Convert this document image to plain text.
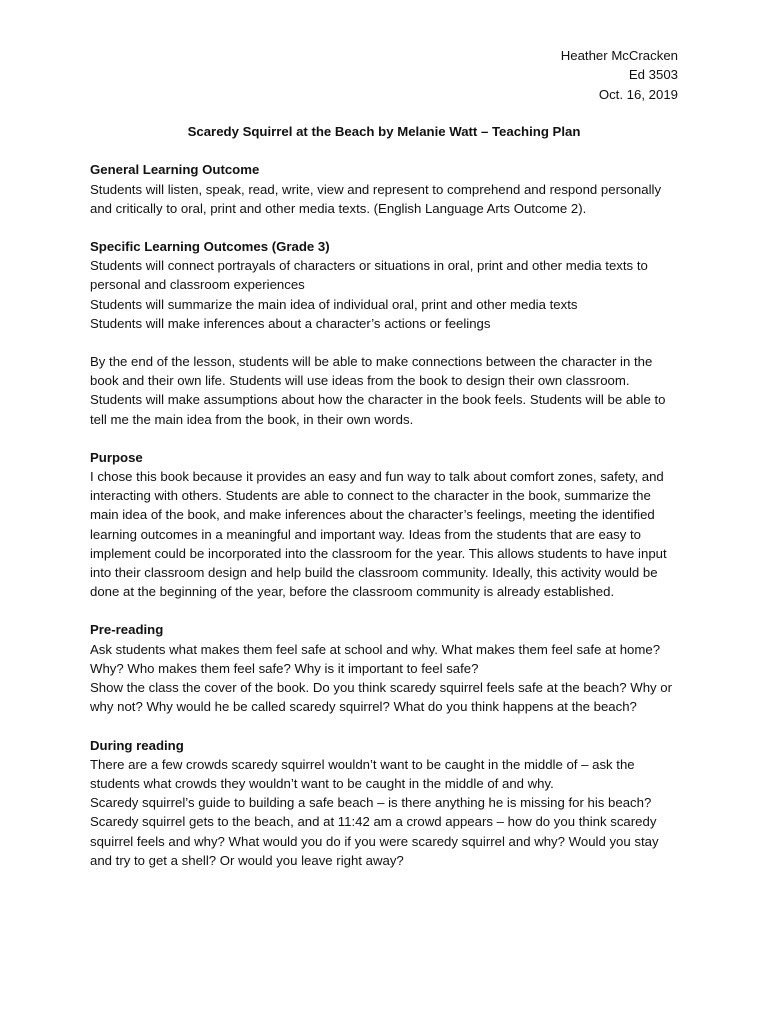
Heather McCracken
Ed 3503
Oct. 16, 2019
Scaredy Squirrel at the Beach by Melanie Watt – Teaching Plan
General Learning Outcome

Students will listen, speak, read, write, view and represent to comprehend and respond personally and critically to oral, print and other media texts. (English Language Arts Outcome 2).

Specific Learning Outcomes (Grade 3)

Students will connect portrayals of characters or situations in oral, print and other media texts to personal and classroom experiences

Students will summarize the main idea of individual oral, print and other media texts

Students will make inferences about a character’s actions or feelings

By the end of the lesson, students will be able to make connections between the character in the book and their own life. Students will use ideas from the book to design their own classroom. Students will make assumptions about how the character in the book feels. Students will be able to tell me the main idea from the book, in their own words.

Purpose

I chose this book because it provides an easy and fun way to talk about comfort zones, safety, and interacting with others. Students are able to connect to the character in the book, summarize the main idea of the book, and make inferences about the character’s feelings, meeting the identified learning outcomes in a meaningful and important way. Ideas from the students that are easy to implement could be incorporated into the classroom for the year. This allows students to have input into their classroom design and help build the classroom community. Ideally, this activity would be done at the beginning of the year, before the classroom community is already established.

Pre-reading

Ask students what makes them feel safe at school and why. What makes them feel safe at home? Why? Who makes them feel safe? Why is it important to feel safe?

Show the class the cover of the book. Do you think scaredy squirrel feels safe at the beach? Why or why not? Why would he be called scaredy squirrel? What do you think happens at the beach?

During reading

There are a few crowds scaredy squirrel wouldn’t want to be caught in the middle of – ask the students what crowds they wouldn’t want to be caught in the middle of and why.

Scaredy squirrel’s guide to building a safe beach – is there anything he is missing for his beach?

Scaredy squirrel gets to the beach, and at 11:42 am a crowd appears – how do you think scaredy squirrel feels and why? What would you do if you were scaredy squirrel and why? Would you stay and try to get a shell? Or would you leave right away?
